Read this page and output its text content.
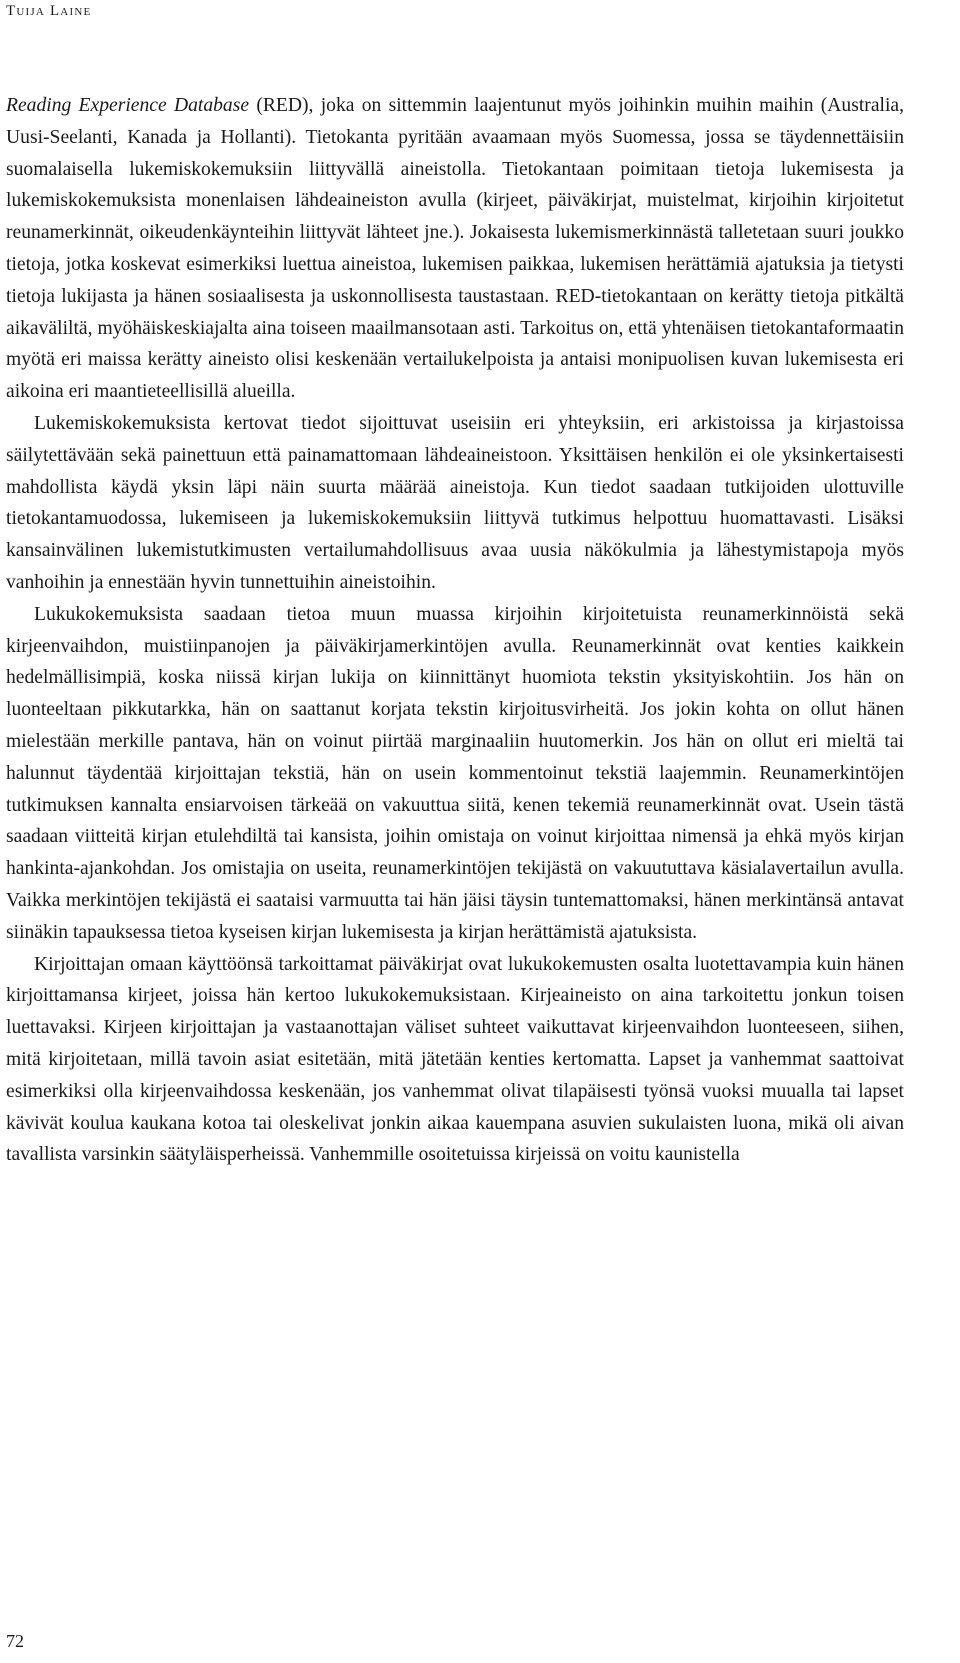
Tuija Laine

Reading Experience Database (RED), joka on sittemmin laajentunut myös joihinkin muihin maihin (Australia, Uusi-Seelanti, Kanada ja Hollanti). Tietokanta pyritään avaamaan myös Suomessa, jossa se täydennettäisiin suomalaisella lukemiskokemuksiin liittyvällä aineistolla. Tietokantaan poimitaan tietoja lukemisesta ja lukemiskokemuksista monenlaisen lähdeaineiston avulla (kirjeet, päiväkirjat, muistelmat, kirjoihin kirjoitetut reunamerkinnät, oikeudenkäynteihin liittyvät lähteet jne.). Jokaisesta lukemismerkinnästä talletetaan suuri joukko tietoja, jotka koskevat esimerkiksi luettua aineistoa, lukemisen paikkaa, lukemisen herättämiä ajatuksia ja tietysti tietoja lukijasta ja hänen sosiaalisesta ja uskonnollisesta taustastaan. RED-tietokantaan on kerätty tietoja pitkältä aikaväliltä, myöhäiskeskiajalta aina toiseen maailmansotaan asti. Tarkoitus on, että yhtenäisen tietokantaformaatin myötä eri maissa kerätty aineisto olisi keskenään vertailukelpoista ja antaisi monipuolisen kuvan lukemisesta eri aikoina eri maantieteellisillä alueilla.

Lukemiskokemuksista kertovat tiedot sijoittuvat useisiin eri yhteyksiin, eri arkistoissa ja kirjastoissa säilytettävään sekä painettuun että painamattomaan lähdeaineistoon. Yksittäisen henkilön ei ole yksinkertaisesti mahdollista käydä yksin läpi näin suurta määrää aineistoja. Kun tiedot saadaan tutkijoiden ulottuville tietokantamuodossa, lukemiseen ja lukemiskokemuksiin liittyvä tutkimus helpottuu huomattavasti. Lisäksi kansainvälinen lukemistutkimusten vertailumahdollisuus avaa uusia näkökulmia ja lähestymistapoja myös vanhoihin ja ennestään hyvin tunnettuihin aineistoihin.

Lukukokemuksista saadaan tietoa muun muassa kirjoihin kirjoitetuista reunamerkinnöistä sekä kirjeenvaihdon, muistiinpanojen ja päiväkirjamerkintöjen avulla. Reunamerkinnät ovat kenties kaikkein hedelmällisimpiä, koska niissä kirjan lukija on kiinnittänyt huomiota tekstin yksityiskohtiin. Jos hän on luonteeltaan pikkutarkka, hän on saattanut korjata tekstin kirjoitusvirheitä. Jos jokin kohta on ollut hänen mielestään merkille pantava, hän on voinut piirtää marginaaliin huutomerkin. Jos hän on ollut eri mieltä tai halunnut täydentää kirjoittajan tekstiä, hän on usein kommentoinut tekstiä laajemmin. Reunamerkintöjen tutkimuksen kannalta ensiarvoisen tärkeää on vakuuttua siitä, kenen tekemiä reunamerkinnät ovat. Usein tästä saadaan viitteitä kirjan etulehdiltä tai kansista, joihin omistaja on voinut kirjoittaa nimensä ja ehkä myös kirjan hankinta-ajankohdan. Jos omistajia on useita, reunamerkintöjen tekijästä on vakuututtava käsialavertailun avulla. Vaikka merkintöjen tekijästä ei saataisi varmuutta tai hän jäisi täysin tuntemattomaksi, hänen merkintänsä antavat siinäkin tapauksessa tietoa kyseisen kirjan lukemisesta ja kirjan herättämistä ajatuksista.

Kirjoittajan omaan käyttöönsä tarkoittamat päiväkirjat ovat lukukokemusten osalta luotettavampia kuin hänen kirjoittamansa kirjeet, joissa hän kertoo lukukokemuksistaan. Kirjeaineisto on aina tarkoitettu jonkun toisen luettavaksi. Kirjeen kirjoittajan ja vastaanottajan väliset suhteet vaikuttavat kirjeenvaihdon luonteeseen, siihen, mitä kirjoitetaan, millä tavoin asiat esitetään, mitä jätetään kenties kertomatta. Lapset ja vanhemmat saattoivat esimerkiksi olla kirjeenvaihdossa keskenään, jos vanhemmat olivat tilapäisesti työnsä vuoksi muualla tai lapset kävivät koulua kaukana kotoa tai oleskelivat jonkin aikaa kauempana asuvien sukulaisten luona, mikä oli aivan tavallista varsinkin säätyläisperheissä. Vanhemmille osoitetuissa kirjeissä on voitu kaunistella

72
